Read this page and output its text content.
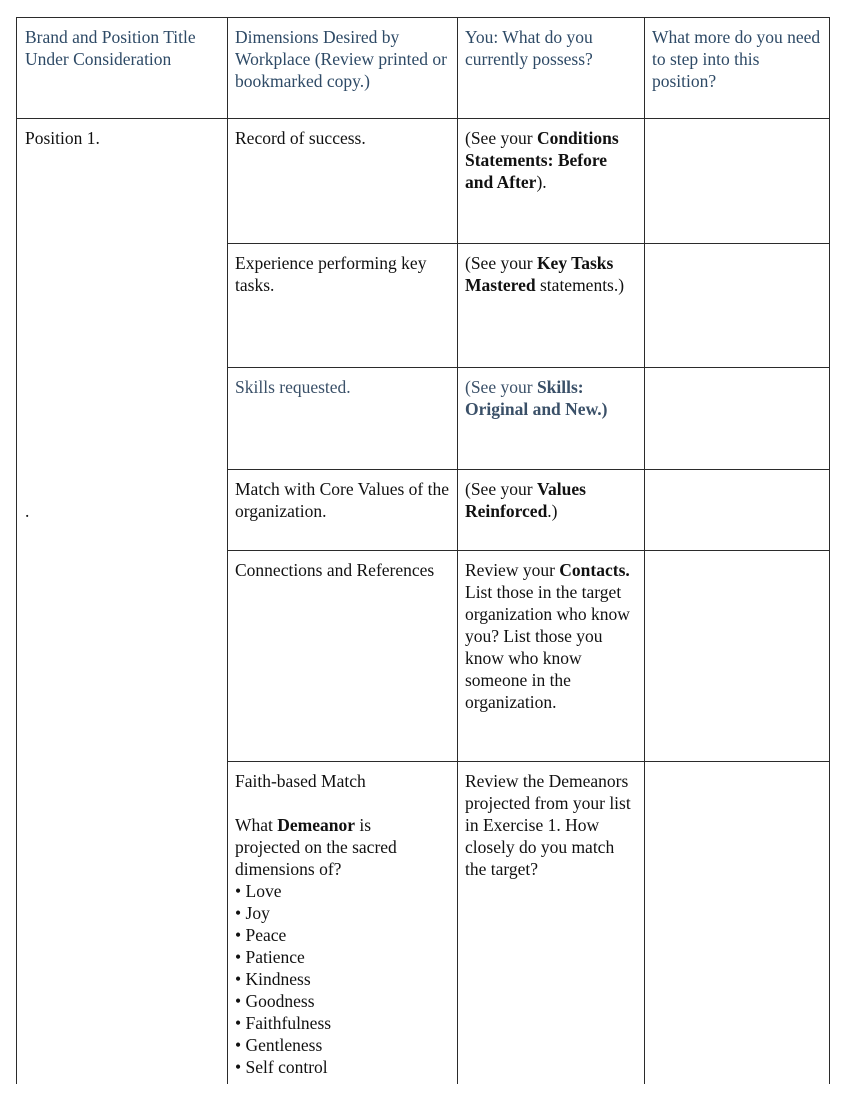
Brand and Position Title Under Consideration
Dimensions Desired by Workplace (Review printed or bookmarked copy.)
You: What do you currently possess?
What more do you need to step into this position?
Position 1.
.
Record of success.	(See your Conditions Statements: Before and After).
Experience performing key tasks.
(See your Key Tasks Mastered statements.)
Skills requested.	(See your Skills: Original and New.)
Match with Core Values of the organization.
(See your Values Reinforced.)
Connections and References Review your Contacts. List those in the target organization who know you? List those you know who know someone in the organization.
Faith-based Match
What Demeanor is projected on the sacred dimensions of?
• Love
• Joy
• Peace
• Patience
• Kindness
• Goodness
• Faithfulness
• Gentleness
• Self control
Review the Demeanors projected from your list in Exercise 1. How closely do you match the target?
